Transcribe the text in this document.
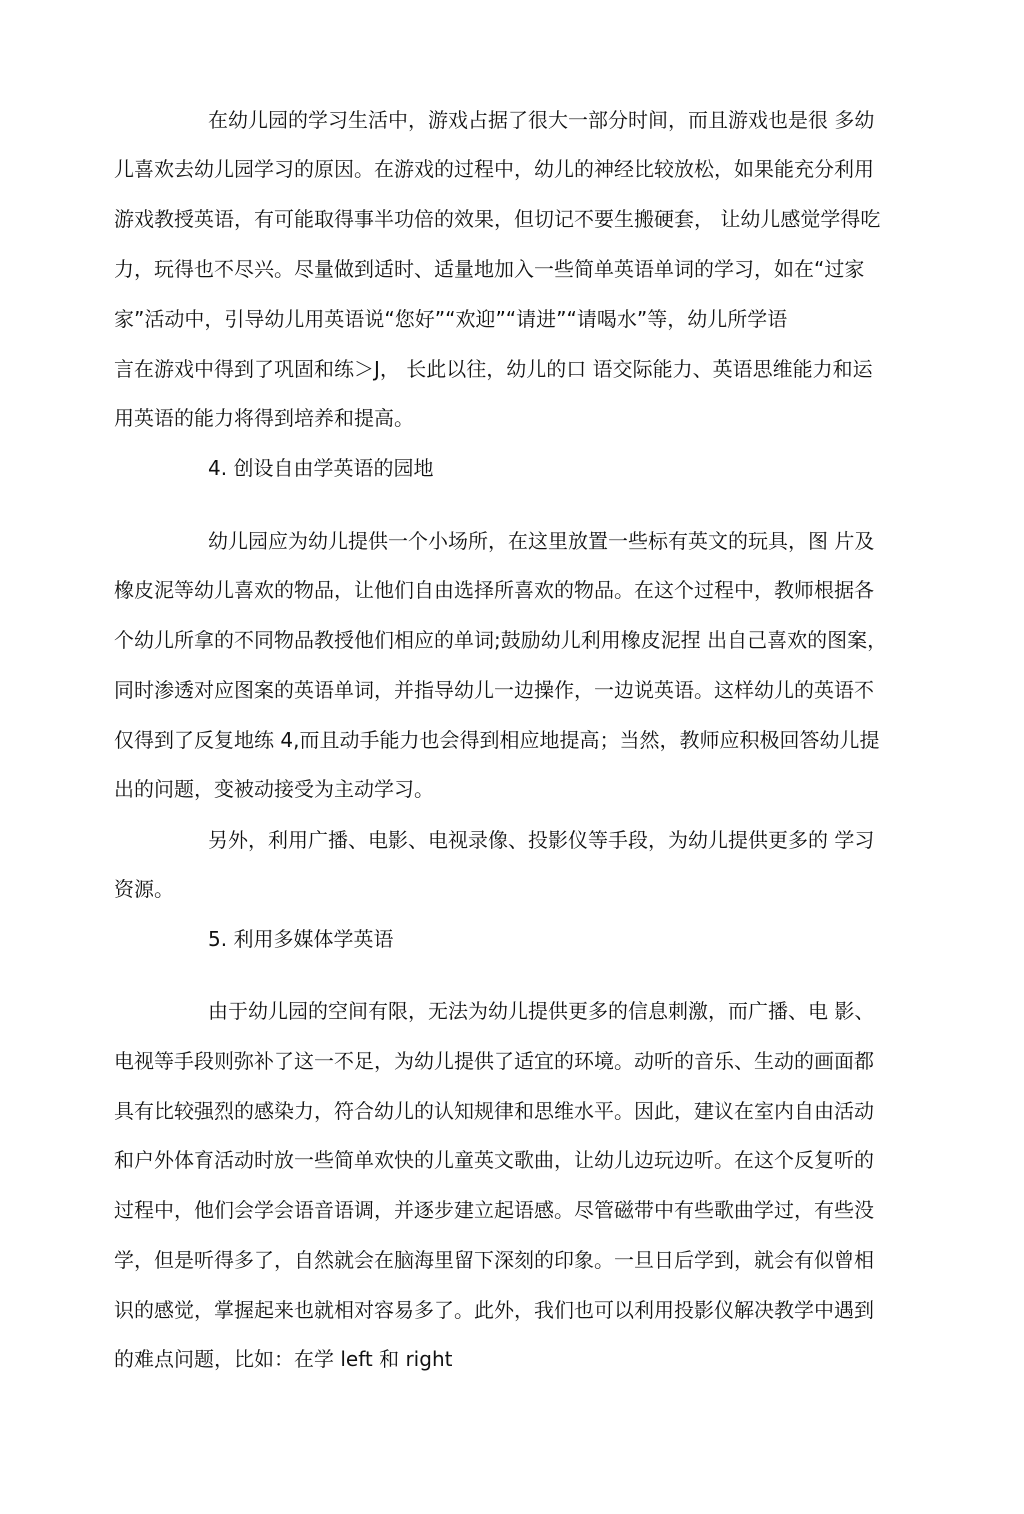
在幼儿园的学习生活中，游戏占据了很大一部分时间，而且游戏也是很 多幼
儿喜欢去幼儿园学习的原因。在游戏的过程中，幼儿的神经比较放松，如果能充分利用
游戏教授英语，有可能取得事半功倍的效果，但切记不要生搬硬套， 让幼儿感觉学得吃
力，玩得也不尽兴。尽量做到适时、适量地加入一些简单英语单词的学习，如在“过家
家”活动中，引导幼儿用英语说“您好”“欢迎”“请进”“请喝水”等，幼儿所学语
言在游戏中得到了巩固和练＞J， 长此以往，幼儿的口 语交际能力、英语思维能力和运
用英语的能力将得到培养和提高。
4. 创设自由学英语的园地
幼儿园应为幼儿提供一个小场所，在这里放置一些标有英文的玩具，图 片及
橡皮泥等幼儿喜欢的物品，让他们自由选择所喜欢的物品。在这个过程中，教师根据各
个幼儿所拿的不同物品教授他们相应的单词;鼓励幼儿利用橡皮泥捏 出自己喜欢的图案，
同时渗透对应图案的英语单词，并指导幼儿一边操作，一边说英语。这样幼儿的英语不
仅得到了反复地练 4,而且动手能力也会得到相应地提高；当然，教师应积极回答幼儿提
出的问题，变被动接受为主动学习。
另外，利用广播、电影、电视录像、投影仪等手段，为幼儿提供更多的 学习
资源。
5. 利用多媒体学英语
由于幼儿园的空间有限，无法为幼儿提供更多的信息刺激，而广播、电 影、
电视等手段则弥补了这一不足，为幼儿提供了适宜的环境。动听的音乐、生动的画面都
具有比较强烈的感染力，符合幼儿的认知规律和思维水平。因此，建议在室内自由活动
和户外体育活动时放一些简单欢快的儿童英文歌曲，让幼儿边玩边听。在这个反复听的
过程中，他们会学会语音语调，并逐步建立起语感。尽管磁带中有些歌曲学过，有些没
学，但是听得多了，自然就会在脑海里留下深刻的印象。一旦日后学到，就会有似曾相
识的感觉，掌握起来也就相对容易多了。此外，我们也可以利用投影仪解决教学中遇到
的难点问题，比如：在学 left 和 right
